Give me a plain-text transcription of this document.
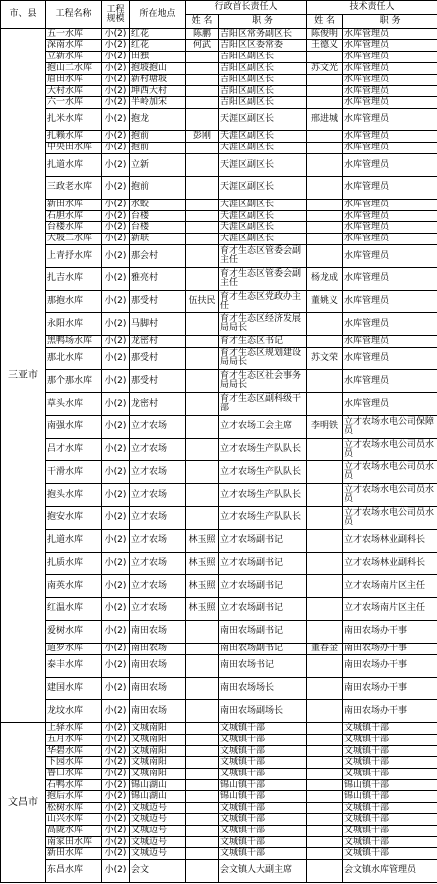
市、县	工程名称	工程规模	所在地点	行政首长责任人		技术责任人	
				姓 名	职 务	姓 名	职 务
三亚市	五一水库	小(2)	红花	陈鹏	吉阳区常务副区长	陈俊明	水库管理员
	深南水库	小(2)	红花	何武	吉阳区区委常委	王德义	水库管理员
	立新水库	小(2)	田独		吉阳区副区长		水库管理员
	抱山二水库	小(2)	抱坡抱山		吉阳区副区长	苏文光	水库管理员
	眉田水库	小(2)	新村塘坡		吉阳区副区长		水库管理员
	大村水库	小(2)	坤西大村		吉阳区副区长		水库管理员
	六一水库	小(2)	半岭加宋		吉阳区副区长		水库管理员
	扎米水库	小(2)	抱龙		天涯区副区长	邢进城	水库管理员
	扎赖水库	小(2)	抱前	彭刚	天涯区副区长		水库管理员
	中央田水库	小(2)	抱前		天涯区副区长		水库管理员
	扎道水库	小(2)	立新		天涯区副区长		水库管理员
	三政老水库	小(2)	抱前		天涯区副区长		水库管理员
	新田水库	小(2)	水蛟		天涯区副区长		水库管理员
	石胆水库	小(2)	台楼		天涯区副区长		水库管理员
	台楼水库	小(2)	台楼		天涯区副区长		水库管理员
	大坡二水库	小(2)	新联		天涯区副区长		水库管理员
	上青抒水库	小(2)	那会村		育才生态区管委会副主任		水库管理员
	扎吉水库	小(2)	雅亮村		育才生态区管委会副主任	杨龙成	水库管理员
	那抱水库	小(2)	那受村	伍扶民	育才生态区党政办主任	董姚义	水库管理员
	永阳水库	小(2)	马脚村		育才生态区经济发展局局长		水库管理员
	黑鸭场水库	小(2)	龙密村		育才生态区书记		水库管理员
	那北水库	小(2)	那受村		育才生态区规划建设局局长	苏文荣	水库管理员
	那个那水库	小(2)	那受村		育才生态区社会事务局局长		水库管理员
	草头水库	小(2)	龙密村		育才生态区副科级干部		水库管理员
	南强水库	小(2)	立才农场		立才农场工会主席	李明铁	立才农场水电公司保障员
	吕才水库	小(2)	立才农场		立才农场生产队队长		立才农场水电公司员水员
	干滑水库	小(2)	立才农场		立才农场生产队队长		立才农场水电公司员水员
	抱头水库	小(2)	立才农场		立才农场生产队队长		立才农场水电公司员水员
	抱安水库	小(2)	立才农场		立才农场生产队队长		立才农场水电公司员水员
	扎道水库	小(2)	立才农场	林玉照	立才农场副书记		立才农场林业副科长
	扎质水库	小(2)	立才农场	林玉照	立才农场副书记		立才农场林业副科长
	南英水库	小(2)	立才农场	林玉照	立才农场副书记		立才农场南片区主任
	红温水库	小(2)	立才农场	林玉照	立才农场副书记		立才农场南片区主任
	爱树水库	小(2)	南田农场		南田农场副书记		南田农场办干事
	道罗水库	小(2)	南田农场		南田农场副书记	董春金	南田农场办干事
	泰丰水库	小(2)	南田农场		南田农场书记		南田农场办干事
	建国水库	小(2)	南田农场		南田农场场长		南田农场办干事
	龙坟水库	小(2)	南田农场		南田农场副场长		南田农场办干事
文昌市	上驿水库	小(2)	文城南阳		文城镇干部		文城镇干部
	五月水库	小(2)	文城南阳		文城镇干部		文城镇干部
	华碧水库	小(2)	文城南阳		文城镇干部		文城镇干部
	下园水库	小(2)	文城南阳		文城镇干部		文城镇干部
	鲁口水库	小(2)	文城南阳		文城镇干部		文城镇干部
	石鸭水库	小(2)	锦山湖山		锦山镇干部		锦山镇干部
	抱后水库	小(2)	锦山湖山		锦山镇干部		锦山镇干部
	松树水库	小(2)	文城迈号		文城镇干部		文城镇干部
	山兴水库	小(2)	文城迈号		文城镇干部		文城镇干部
	高陇水库	小(2)	文城迈号		文城镇干部		文城镇干部
	南家田水库	小(2)	文城迈号		文城镇干部		文城镇干部
	新田水库	小(2)	文城迈号		文城镇干部		文城镇干部
	东昌水库	小(2)	会文		会文镇人大副主席		会文镇水库管理员
